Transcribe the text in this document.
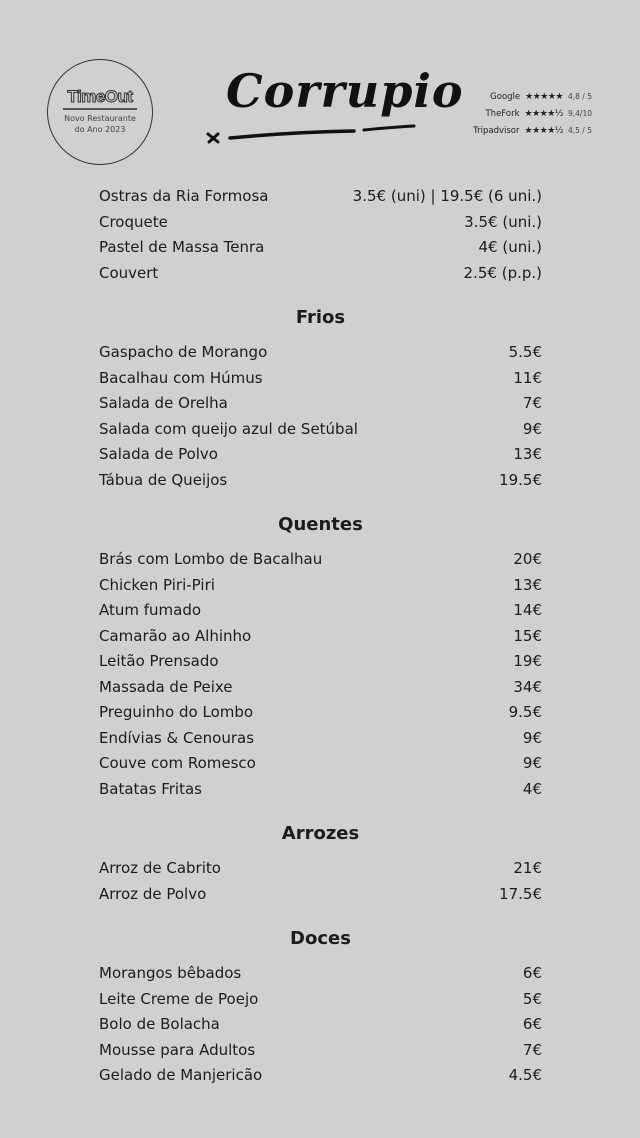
TimeOut
Novo Restaurante
do Ano 2023
Corrupio	Google ★★★★★ 4,8 / 5
TheFork ★★★★½ 9,4/10
Tripadvisor ★★★★½ 4,5 / 5
Ostras da Ria Formosa	3.5€ (uni) | 19.5€ (6 uni.)
Croquete	3.5€ (uni.)
Pastel de Massa Tenra	4€ (uni.)
Couvert	2.5€ (p.p.)
Frios
Gaspacho de Morango	5.5€
Bacalhau com Húmus	11€
Salada de Orelha	7€
Salada com queijo azul de Setúbal	9€
Salada de Polvo	13€
Tábua de Queijos	19.5€
Quentes
Brás com Lombo de Bacalhau	20€
Chicken Piri-Piri	13€
Atum fumado	14€
Camarão ao Alhinho	15€
Leitão Prensado	19€
Massada de Peixe	34€
Preguinho do Lombo	9.5€
Endívias & Cenouras	9€
Couve com Romesco	9€
Batatas Fritas	4€
Arrozes
Arroz de Cabrito	21€
Arroz de Polvo	17.5€
Doces
Morangos bêbados	6€
Leite Creme de Poejo	5€
Bolo de Bolacha	6€
Mousse para Adultos	7€
Gelado de Manjericão	4.5€
